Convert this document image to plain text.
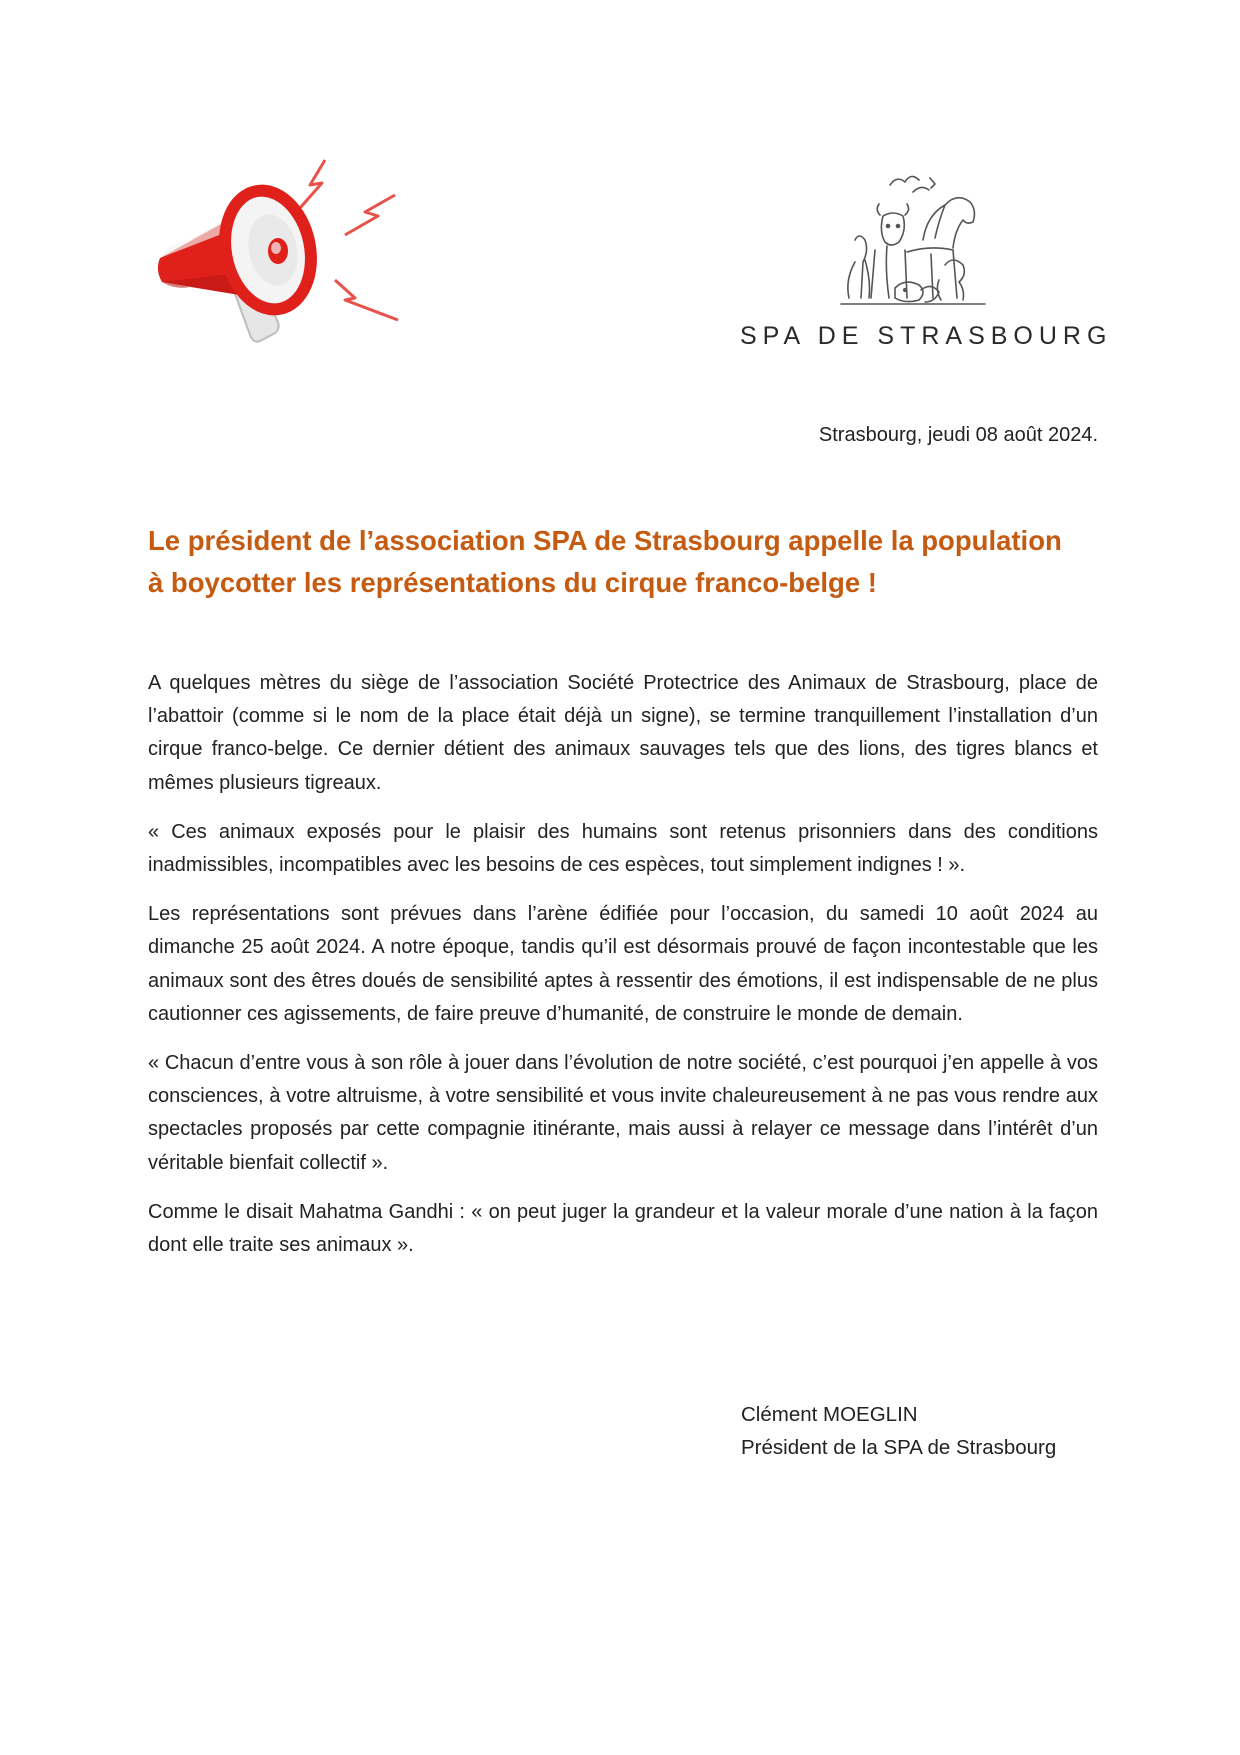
SPA DE STRASBOURG
Strasbourg, jeudi 08 août 2024.
Le président de l’association SPA de Strasbourg appelle la population
à boycotter les représentations du cirque franco-belge !

A quelques mètres du siège de l’association Société Protectrice des Animaux de Strasbourg, place de l’abattoir (comme si le nom de la place était déjà un signe), se termine tranquillement l’installation d’un cirque franco-belge. Ce dernier détient des animaux sauvages tels que des lions, des tigres blancs et mêmes plusieurs tigreaux.

« Ces animaux exposés pour le plaisir des humains sont retenus prisonniers dans des conditions inadmissibles, incompatibles avec les besoins de ces espèces, tout simplement indignes ! ».

Les représentations sont prévues dans l’arène édifiée pour l’occasion, du samedi 10 août 2024 au dimanche 25 août 2024. A notre époque, tandis qu’il est désormais prouvé de façon incontestable que les animaux sont des êtres doués de sensibilité aptes à ressentir des émotions, il est indispensable de ne plus cautionner ces agissements, de faire preuve d’humanité, de construire le monde de demain.

« Chacun d’entre vous à son rôle à jouer dans l’évolution de notre société, c’est pourquoi j’en appelle à vos consciences, à votre altruisme, à votre sensibilité et vous invite chaleureusement à ne pas vous rendre aux spectacles proposés par cette compagnie itinérante, mais aussi à relayer ce message dans l’intérêt d’un véritable bienfait collectif ».

Comme le disait Mahatma Gandhi : « on peut juger la grandeur et la valeur morale d’une nation à la façon dont elle traite ses animaux ».

Clément MOEGLIN
Président de la SPA de Strasbourg
